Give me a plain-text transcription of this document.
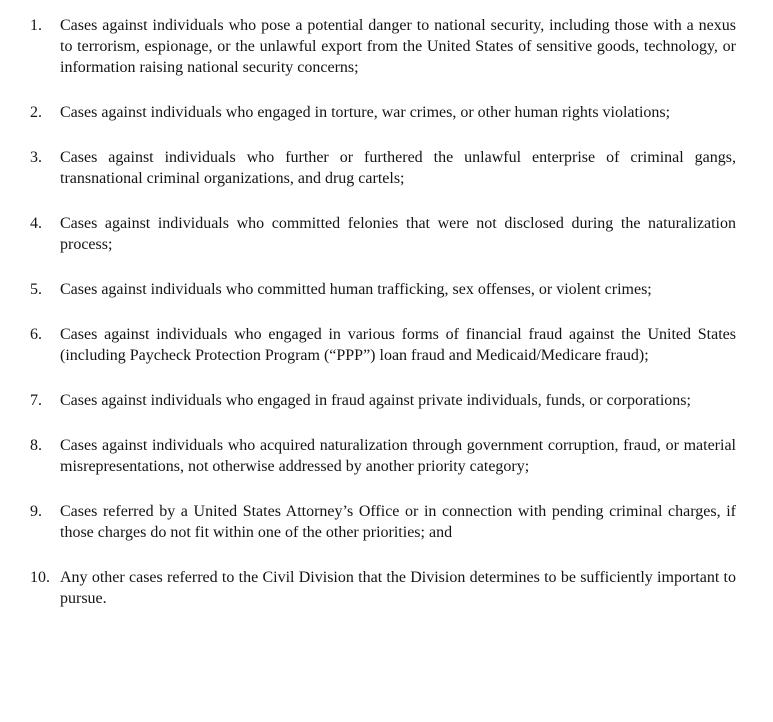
1.	Cases against individuals who pose a potential danger to national security, including those with a nexus to terrorism, espionage, or the unlawful export from the United States of sensitive goods, technology, or information raising national security concerns;
2.	Cases against individuals who engaged in torture, war crimes, or other human rights violations;
3.	Cases against individuals who further or furthered the unlawful enterprise of criminal gangs, transnational criminal organizations, and drug cartels;
4.	Cases against individuals who committed felonies that were not disclosed during the naturalization process;
5.	Cases against individuals who committed human trafficking, sex offenses, or violent crimes;
6.	Cases against individuals who engaged in various forms of financial fraud against the United States (including Paycheck Protection Program (“PPP”) loan fraud and Medicaid/Medicare fraud);
7.	Cases against individuals who engaged in fraud against private individuals, funds, or corporations;
8.	Cases against individuals who acquired naturalization through government corruption, fraud, or material misrepresentations, not otherwise addressed by another priority category;
9.	Cases referred by a United States Attorney’s Office or in connection with pending criminal charges, if those charges do not fit within one of the other priorities; and
10. Any other cases referred to the Civil Division that the Division determines to be sufficiently important to pursue.
